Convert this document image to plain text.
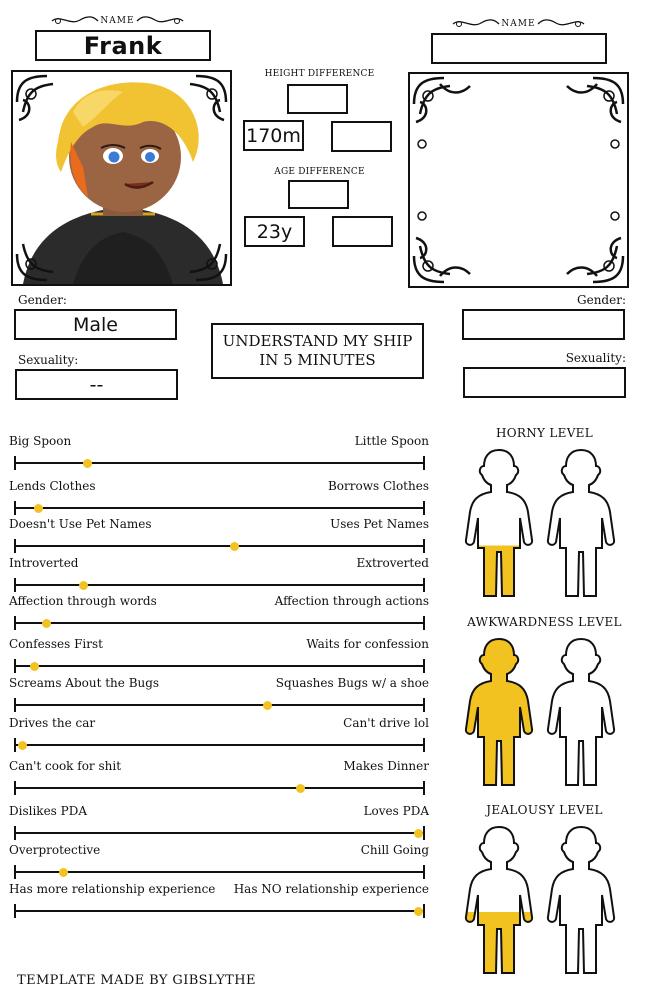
NAME
Frank
NAME
HEIGHT DIFFERENCE
170m
AGE DIFFERENCE
23y
Gender:
Male
Sexuality:
--
Gender:
Sexuality:
UNDERSTAND MY SHIP
IN 5 MINUTES
Big Spoon	Little Spoon
Lends Clothes	Borrows Clothes
Doesn't Use Pet Names	Uses Pet Names
Introverted	Extroverted
Affection through words	Affection through actions
Confesses First	Waits for confession
Screams About the Bugs	Squashes Bugs w/ a shoe
Drives the car	Can't drive lol
Can't cook for shit	Makes Dinner
Dislikes PDA	Loves PDA
Overprotective	Chill Going
Has more relationship experience Has NO relationship experience
HORNY LEVEL
AWKWARDNESS LEVEL
JEALOUSY LEVEL
TEMPLATE MADE BY GIBSLYTHE
